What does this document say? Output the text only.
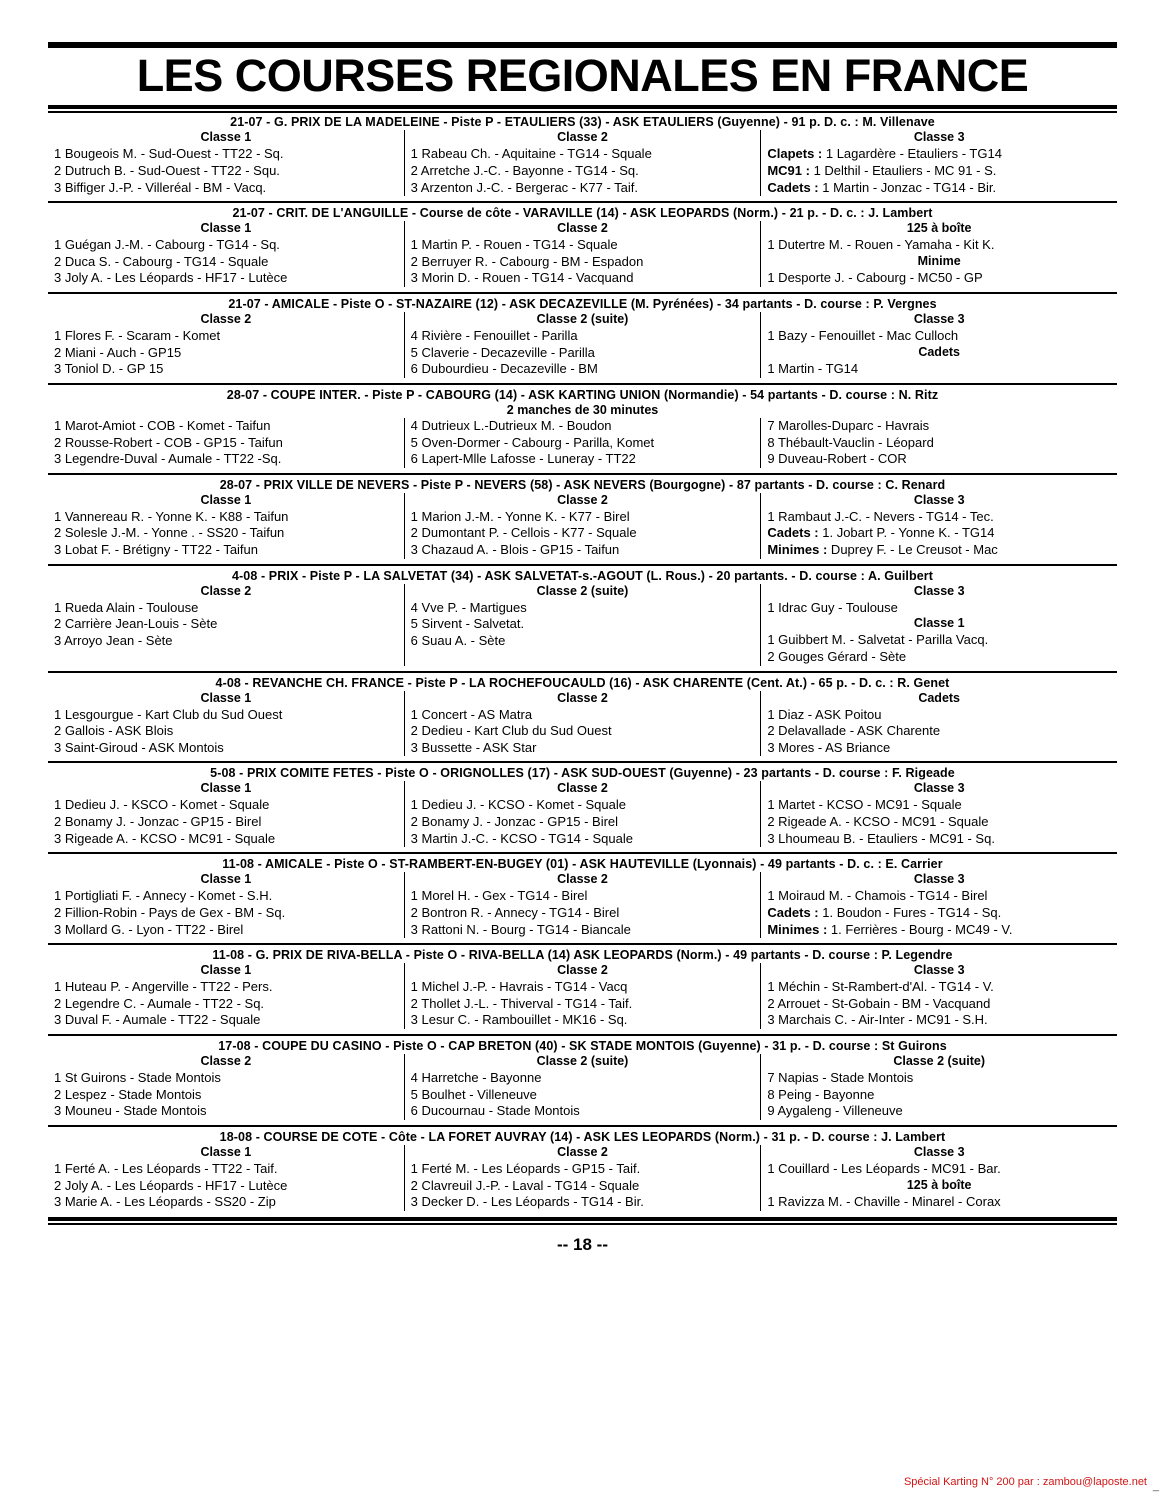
LES COURSES REGIONALES EN FRANCE
21-07 - G. PRIX DE LA MADELEINE - Piste P - ETAULIERS (33) - ASK ETAULIERS (Guyenne) - 91 p. D. c. : M. Villenave
Classe 1
1 Bougeois M. - Sud-Ouest - TT22 - Sq.
2 Dutruch B. - Sud-Ouest - TT22 - Squ.
3 Biffiger J.-P. - Villeréal - BM - Vacq.
Classe 2
1 Rabeau Ch. - Aquitaine - TG14 - Squale
2 Arretche J.-C. - Bayonne - TG14 - Sq.
3 Arzenton J.-C. - Bergerac - K77 - Taif.
Classe 3
Clapets : 1 Lagardère - Etauliers - TG14
MC91 : 1 Delthil - Etauliers - MC 91 - S.
Cadets : 1 Martin - Jonzac - TG14 - Bir.
21-07 - CRIT. DE L'ANGUILLE - Course de côte - VARAVILLE (14) - ASK LEOPARDS (Norm.) - 21 p. - D. c. : J. Lambert
Classe 1
1 Guégan J.-M. - Cabourg - TG14 - Sq.
2 Duca S. - Cabourg - TG14 - Squale
3 Joly A. - Les Léopards - HF17 - Lutèce
Classe 2
1 Martin P. - Rouen - TG14 - Squale
2 Berruyer R. - Cabourg - BM - Espadon
3 Morin D. - Rouen - TG14 - Vacquand
125 à boîte
1 Dutertre M. - Rouen - Yamaha - Kit K.
Minime
1 Desporte J. - Cabourg - MC50 - GP
21-07 - AMICALE - Piste O - ST-NAZAIRE (12) - ASK DECAZEVILLE (M. Pyrénées) - 34 partants - D. course : P. Vergnes
Classe 2
1 Flores F. - Scaram - Komet
2 Miani - Auch - GP15
3 Toniol D. - GP 15
Classe 2 (suite)
4 Rivière - Fenouillet - Parilla
5 Claverie - Decazeville - Parilla
6 Dubourdieu - Decazeville - BM
Classe 3
1 Bazy - Fenouillet - Mac Culloch
Cadets
1 Martin - TG14
28-07 - COUPE INTER. - Piste P - CABOURG (14) - ASK KARTING UNION (Normandie) - 54 partants - D. course : N. Ritz
2 manches de 30 minutes
1 Marot-Amiot - COB - Komet - Taifun
2 Rousse-Robert - COB - GP15 - Taifun
3 Legendre-Duval - Aumale - TT22 -Sq.
4 Dutrieux L.-Dutrieux M. - Boudon
5 Oven-Dormer - Cabourg - Parilla, Komet
6 Lapert-Mlle Lafosse - Luneray - TT22
7 Marolles-Duparc - Havrais
8 Thébault-Vauclin - Léopard
9 Duveau-Robert - COR
28-07 - PRIX VILLE DE NEVERS - Piste P - NEVERS (58) - ASK NEVERS (Bourgogne) - 87 partants - D. course : C. Renard
Classe 1
1 Vannereau R. - Yonne K. - K88 - Taifun
2 Solesle J.-M. - Yonne . - SS20 - Taifun
3 Lobat F. - Brétigny - TT22 - Taifun
Classe 2
1 Marion J.-M. - Yonne K. - K77 - Birel
2 Dumontant P. - Cellois - K77 - Squale
3 Chazaud A. - Blois - GP15 - Taifun
Classe 3
1 Rambaut J.-C. - Nevers - TG14 - Tec.
Cadets : 1. Jobart P. - Yonne K. - TG14
Minimes : Duprey F. - Le Creusot - Mac
4-08 - PRIX - Piste P - LA SALVETAT (34) - ASK SALVETAT-s.-AGOUT (L. Rous.) - 20 partants. - D. course : A. Guilbert
Classe 2
1 Rueda Alain - Toulouse
2 Carrière Jean-Louis - Sète
3 Arroyo Jean - Sète
Classe 2 (suite)
4 Vve P. - Martigues
5 Sirvent - Salvetat.
6 Suau A. - Sète
Classe 3
1 Idrac Guy - Toulouse
Classe 1
1 Guibbert M. - Salvetat - Parilla Vacq.
2 Gouges Gérard - Sète
4-08 - REVANCHE CH. FRANCE - Piste P - LA ROCHEFOUCAULD (16) - ASK CHARENTE (Cent. At.) - 65 p. - D. c. : R. Genet
Classe 1
1 Lesgourgue - Kart Club du Sud Ouest
2 Gallois - ASK Blois
3 Saint-Giroud - ASK Montois
Classe 2
1 Concert - AS Matra
2 Dedieu - Kart Club du Sud Ouest
3 Bussette - ASK Star
Cadets
1 Diaz - ASK Poitou
2 Delavallade - ASK Charente
3 Mores - AS Briance
5-08 - PRIX COMITE FETES - Piste O - ORIGNOLLES (17) - ASK SUD-OUEST (Guyenne) - 23 partants - D. course : F. Rigeade
Classe 1
1 Dedieu J. - KSCO - Komet - Squale
2 Bonamy J. - Jonzac - GP15 - Birel
3 Rigeade A. - KCSO - MC91 - Squale
Classe 2
1 Dedieu J. - KCSO - Komet - Squale
2 Bonamy J. - Jonzac - GP15 - Birel
3 Martin J.-C. - KCSO - TG14 - Squale
Classe 3
1 Martet - KCSO - MC91 - Squale
2 Rigeade A. - KCSO - MC91 - Squale
3 Lhoumeau B. - Etauliers - MC91 - Sq.
11-08 - AMICALE - Piste O - ST-RAMBERT-EN-BUGEY (01) - ASK HAUTEVILLE (Lyonnais) - 49 partants - D. c. : E. Carrier
Classe 1
1 Portigliati F. - Annecy - Komet - S.H.
2 Fillion-Robin - Pays de Gex - BM - Sq.
3 Mollard G. - Lyon - TT22 - Birel
Classe 2
1 Morel H. - Gex - TG14 - Birel
2 Bontron R. - Annecy - TG14 - Birel
3 Rattoni N. - Bourg - TG14 - Biancale
Classe 3
1 Moiraud M. - Chamois - TG14 - Birel
Cadets : 1. Boudon - Fures - TG14 - Sq.
Minimes : 1. Ferrières - Bourg - MC49 - V.
11-08 - G. PRIX DE RIVA-BELLA - Piste O - RIVA-BELLA (14) ASK LEOPARDS (Norm.) - 49 partants - D. course : P. Legendre
Classe 1
1 Huteau P. - Angerville - TT22 - Pers.
2 Legendre C. - Aumale - TT22 - Sq.
3 Duval F. - Aumale - TT22 - Squale
Classe 2
1 Michel J.-P. - Havrais - TG14 - Vacq
2 Thollet J.-L. - Thiverval - TG14 - Taif.
3 Lesur C. - Rambouillet - MK16 - Sq.
Classe 3
1 Méchin - St-Rambert-d'Al. - TG14 - V.
2 Arrouet - St-Gobain - BM - Vacquand
3 Marchais C. - Air-Inter - MC91 - S.H.
17-08 - COUPE DU CASINO - Piste O - CAP BRETON (40) - SK STADE MONTOIS (Guyenne) - 31 p. - D. course : St Guirons
Classe 2
1 St Guirons - Stade Montois
2 Lespez - Stade Montois
3 Mouneu - Stade Montois
Classe 2 (suite)
4 Harretche - Bayonne
5 Boulhet - Villeneuve
6 Ducournau - Stade Montois
Classe 2 (suite)
7 Napias - Stade Montois
8 Peing - Bayonne
9 Aygaleng - Villeneuve
18-08 - COURSE DE COTE - Côte - LA FORET AUVRAY (14) - ASK LES LEOPARDS (Norm.) - 31 p. - D. course : J. Lambert
Classe 1
1 Ferté A. - Les Léopards - TT22 - Taif.
2 Joly A. - Les Léopards - HF17 - Lutèce
3 Marie A. - Les Léopards - SS20 - Zip
Classe 2
1 Ferté M. - Les Léopards - GP15 - Taif.
2 Clavreuil J.-P. - Laval - TG14 - Squale
3 Decker D. - Les Léopards - TG14 - Bir.
Classe 3
1 Couillard - Les Léopards - MC91 - Bar.
125 à boîte
1 Ravizza M. - Chaville - Minarel - Corax
-- 18 --
Spécial Karting N° 200 par : zambou@laposte.net _
